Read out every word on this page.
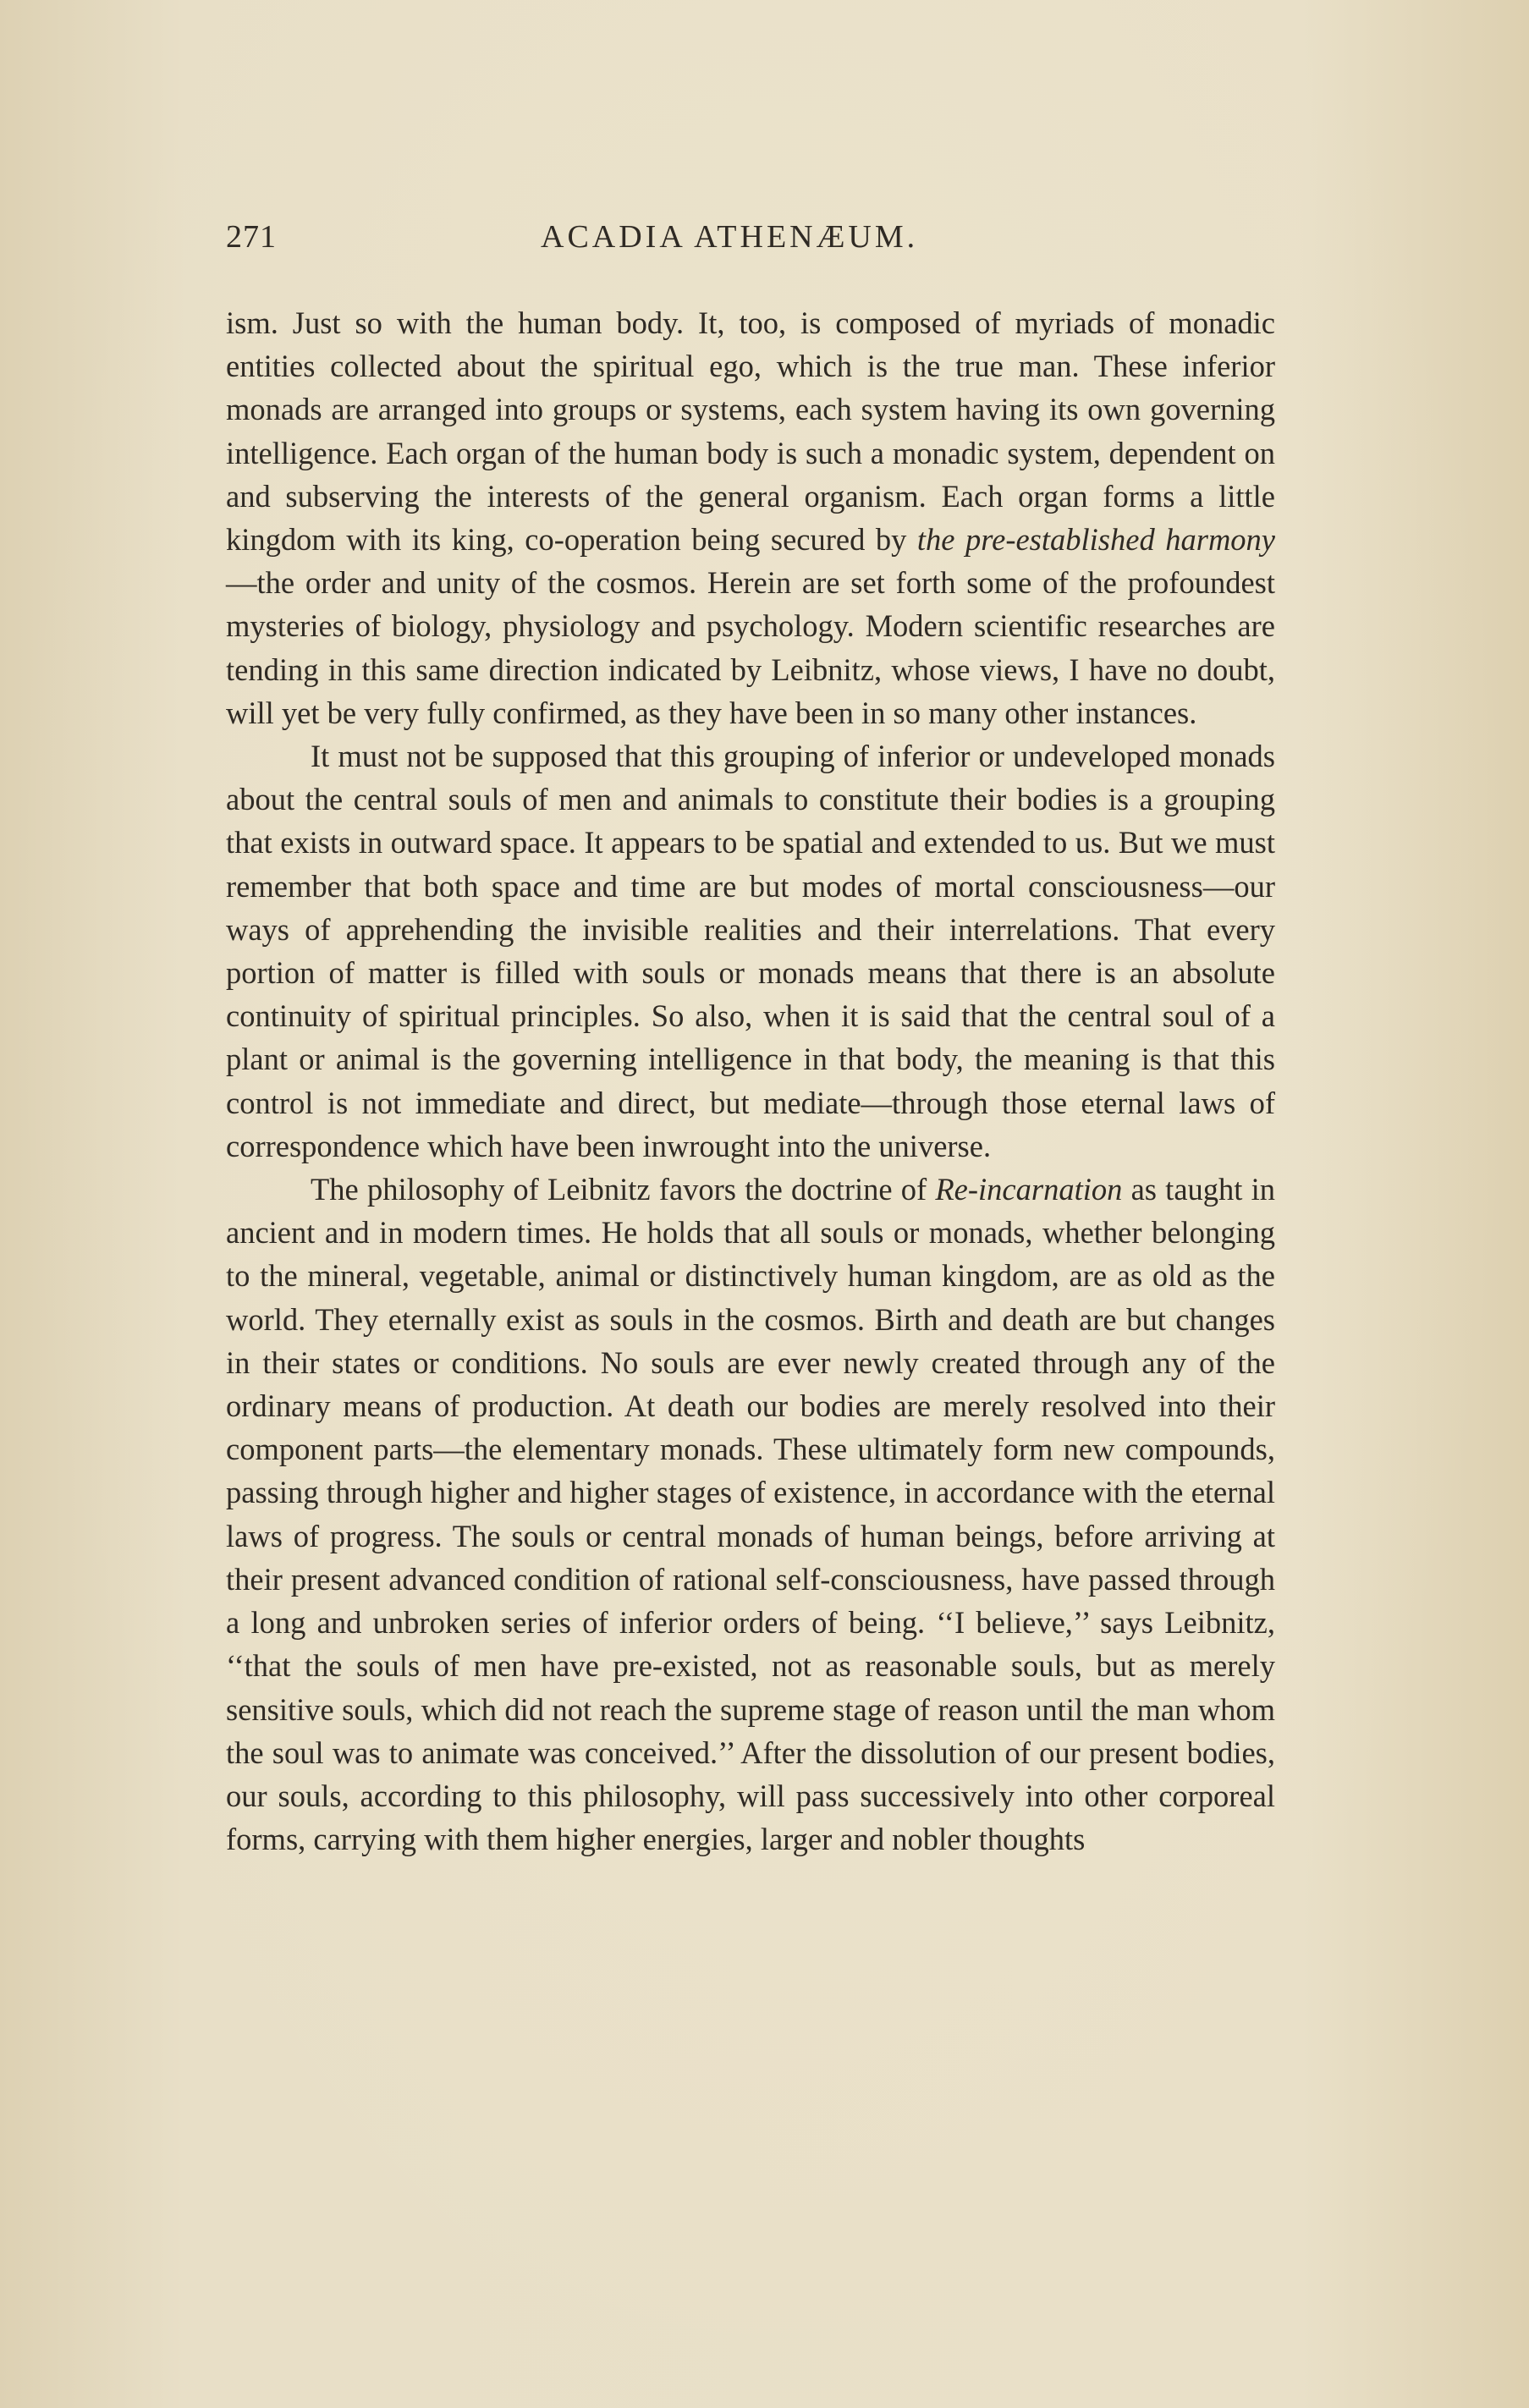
271	ACADIA ATHENÆUM.

ism. Just so with the human body. It, too, is composed of myriads of monadic entities collected about the spiritual ego, which is the true man. These inferior monads are arranged into groups or systems, each system having its own governing intelligence. Each organ of the human body is such a monadic system, dependent on and subserving the interests of the general organism. Each organ forms a little kingdom with its king, co-operation being secured by the pre-established harmony—the order and unity of the cosmos. Herein are set forth some of the profoundest mysteries of biology, physiology and psychology. Modern scientific researches are tending in this same direction indicated by Leibnitz, whose views, I have no doubt, will yet be very fully confirmed, as they have been in so many other instances.

It must not be supposed that this grouping of inferior or undeveloped monads about the central souls of men and animals to constitute their bodies is a grouping that exists in outward space. It appears to be spatial and extended to us. But we must remember that both space and time are but modes of mortal consciousness—our ways of apprehending the invisible realities and their interrelations. That every portion of matter is filled with souls or monads means that there is an absolute continuity of spiritual principles. So also, when it is said that the central soul of a plant or animal is the governing intelligence in that body, the meaning is that this control is not immediate and direct, but mediate—through those eternal laws of correspondence which have been inwrought into the universe.

The philosophy of Leibnitz favors the doctrine of Re-incarnation as taught in ancient and in modern times. He holds that all souls or monads, whether belonging to the mineral, vegetable, animal or distinctively human kingdom, are as old as the world. They eternally exist as souls in the cosmos. Birth and death are but changes in their states or conditions. No souls are ever newly created through any of the ordinary means of production. At death our bodies are merely resolved into their component parts—the elementary monads. These ultimately form new compounds, passing through higher and higher stages of existence, in accordance with the eternal laws of progress. The souls or central monads of human beings, before arriving at their present advanced condition of rational self-consciousness, have passed through a long and unbroken series of inferior orders of being. ‘‘I believe,’’ says Leibnitz, ‘‘that the souls of men have pre-existed, not as reasonable souls, but as merely sensitive souls, which did not reach the supreme stage of reason until the man whom the soul was to animate was conceived.’’ After the dissolution of our present bodies, our souls, according to this philosophy, will pass successively into other corporeal forms, carrying with them higher energies, larger and nobler thoughts
